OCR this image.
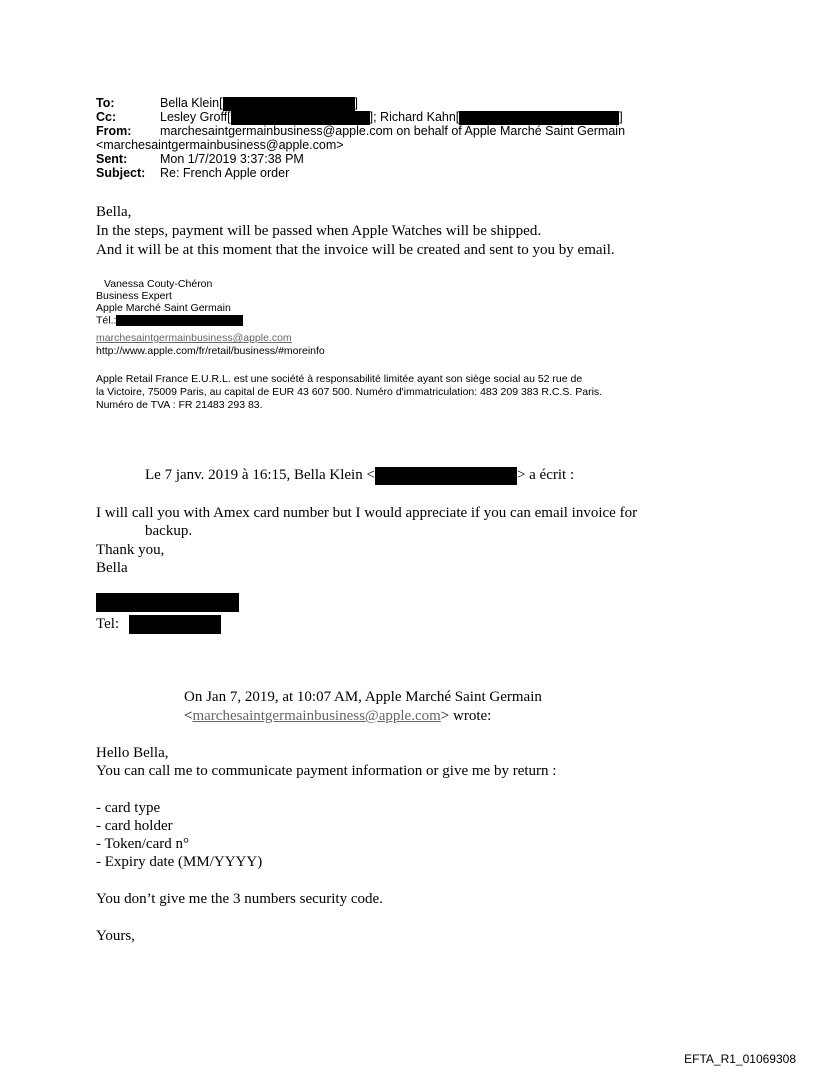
To:	Bella Klein[	]
Cc:	Lesley Groff[	]; Richard Kahn[	]
From: marchesaintgermainbusiness@apple.com on behalf of Apple Marché Saint Germain
<marchesaintgermainbusiness@apple.com>
Sent:	Mon 1/7/2019 3:37:38 PM
Subject: Re: French Apple order
Bella,
In the steps, payment will be passed when Apple Watches will be shipped.
And it will be at this moment that the invoice will be created and sent to you by email.
Vanessa Couty-Chéron
Business Expert
Apple Marché Saint Germain
Tél.:
marchesaintgermainbusiness@apple.com
http://www.apple.com/fr/retail/business/#moreinfo
Apple Retail France E.U.R.L. est une société à responsabilité limitée ayant son siège social au 52 rue de
la Victoire, 75009 Paris, au capital de EUR 43 607 500. Numéro d'immatriculation: 483 209 383 R.C.S. Paris.
Numéro de TVA : FR 21483 293 83.
Le 7 janv. 2019 à 16:15, Bella Klein <	> a écrit :
I will call you with Amex card number but I would appreciate if you can email invoice for
backup.
Thank you,
Bella
Tel:
On Jan 7, 2019, at 10:07 AM, Apple Marché Saint Germain
<marchesaintgermainbusiness@apple.com> wrote:
Hello Bella,
You can call me to communicate payment information or give me by return :
- card type
- card holder
- Token/card n°
- Expiry date (MM/YYYY)
You don’t give me the 3 numbers security code.
Yours,
EFTA_R1_01069308
